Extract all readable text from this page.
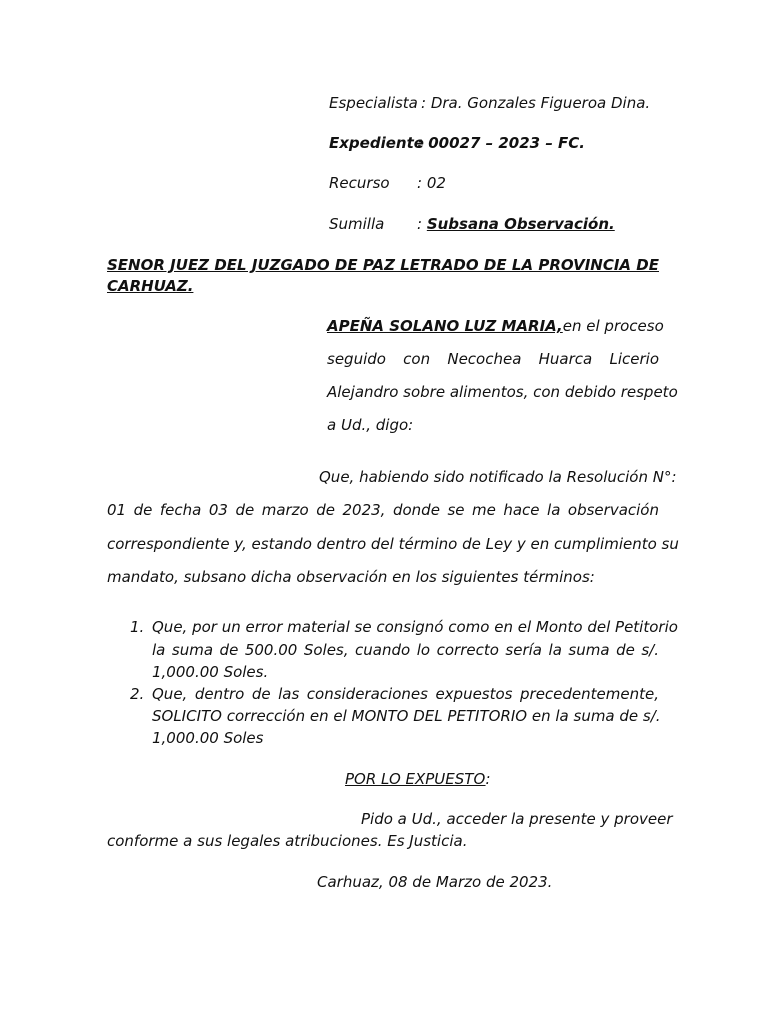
Especialista : Dra. Gonzales Figueroa Dina.
Expediente
: 00027 – 2023 – FC.
Recurso : 02
Sumilla : Subsana Observación.
SENOR JUEZ DEL JUZGADO DE PAZ LETRADO DE LA PROVINCIA DE
CARHUAZ.
APEÑA SOLANO LUZ MARIA, en el proceso
seguido con Necochea Huarca Licerio
Alejandro sobre alimentos, con debido respeto
a Ud., digo:
Que, habiendo sido notificado la Resolución N°:
01 de fecha 03 de marzo de 2023, donde se me hace la observación
correspondiente y, estando dentro del término de Ley y en cumplimiento su
mandato, subsano dicha observación en los siguientes términos:
1. Que, por un error material se consignó como en el Monto del Petitorio
la suma de 500.00 Soles, cuando lo correcto sería la suma de s/.
1,000.00 Soles.
2. Que, dentro de las consideraciones expuestos precedentemente,
SOLICITO corrección en el MONTO DEL PETITORIO en la suma de s/.
1,000.00 Soles
POR LO EXPUESTO:
Pido a Ud., acceder la presente y proveer
conforme a sus legales atribuciones. Es Justicia.
Carhuaz, 08 de Marzo de 2023.
